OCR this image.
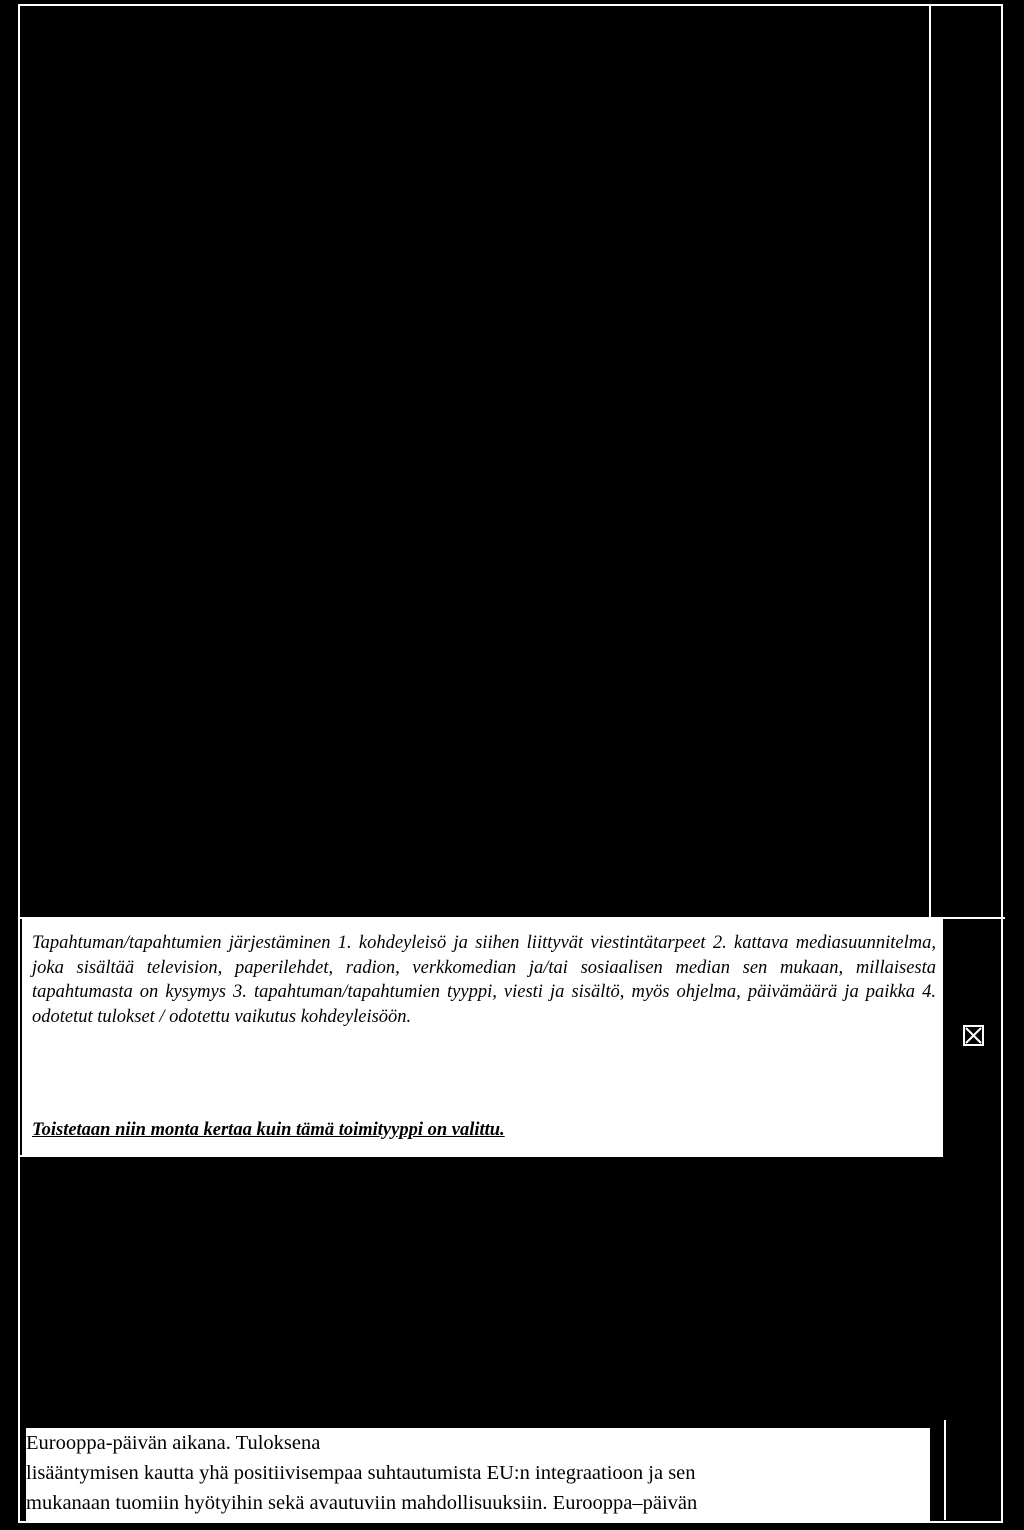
Tapahtuman/tapahtumien järjestäminen 1. kohdeyleisö ja siihen liittyvät viestintätarpeet 2. kattava mediasuunnitelma, joka sisältää television, paperilehdet, radion, verkkomedian ja/tai sosiaalisen median sen mukaan, millaisesta tapahtumasta on kysymys 3. tapahtuman/tapahtumien tyyppi, viesti ja sisältö, myös ohjelma, päivämäärä ja paikka 4. odotetut tulokset / odotettu vaikutus kohdeyleisöön.
Toistetaan niin monta kertaa kuin tämä toimityyppi on valittu.
Eurooppa-päivän aikana. Tuloksena
lisääntymisen kautta yhä positiivisempaa suhtautumista EU:n integraatioon ja sen
mukanaan tuomiin hyötyihin sekä avautuviin mahdollisuuksiin. Eurooppa–päivän
